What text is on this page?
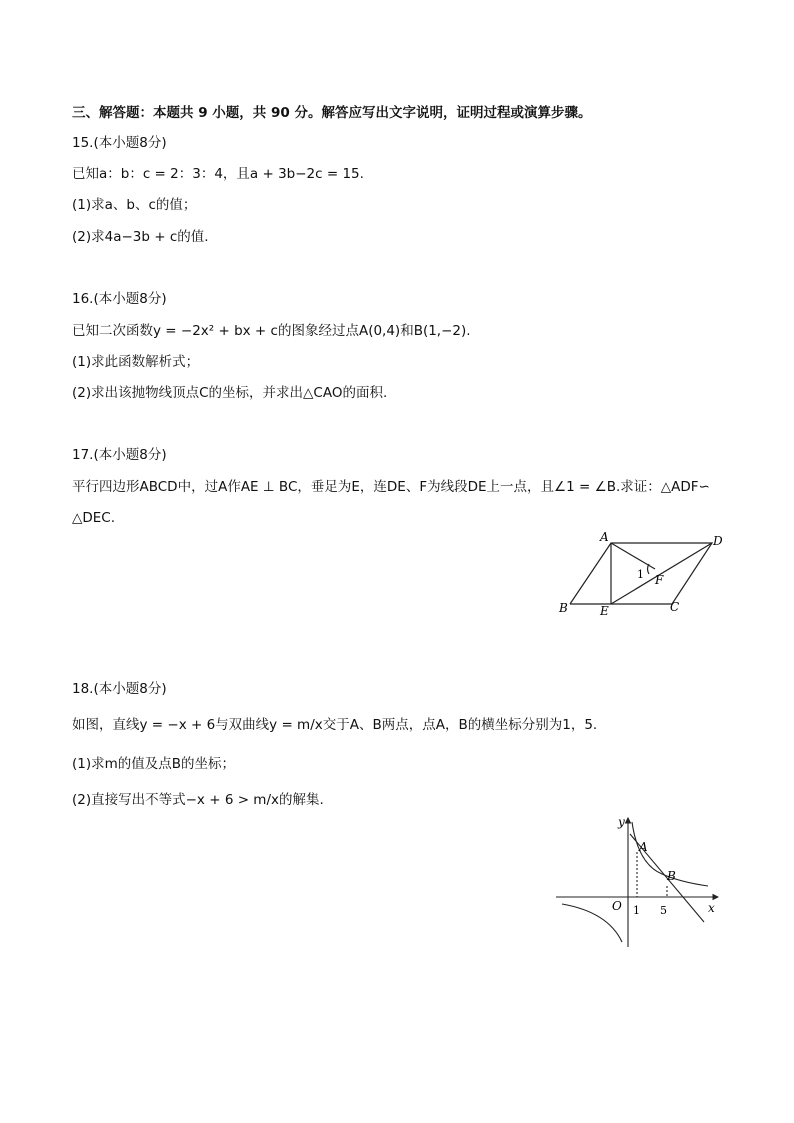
三、解答题：本题共 9 小题，共 90 分。解答应写出文字说明，证明过程或演算步骤。
15.(本小题8分)
已知a：b：c = 2：3：4，且a + 3b−2c = 15.
(1)求a、b、c的值；
(2)求4a−3b + c的值.
16.(本小题8分)
已知二次函数y = −2x² + bx + c的图象经过点A(0,4)和B(1,−2).
(1)求此函数解析式；
(2)求出该抛物线顶点C的坐标，并求出△CAO的面积.
17.(本小题8分)
平行四边形ABCD中，过A作AE ⊥ BC，垂足为E，连DE、F为线段DE上一点，且∠1 = ∠B.求证：△ADF∽
△DEC.
A	D
B	E	C
F
1
18.(本小题8分)
如图，直线y = −x + 6与双曲线y = m/x交于A、B两点，点A，B的横坐标分别为1，5.
(1)求m的值及点B的坐标；
(2)直接写出不等式−x + 6 > m/x的解集.
y
x
O
A
B
1 5
